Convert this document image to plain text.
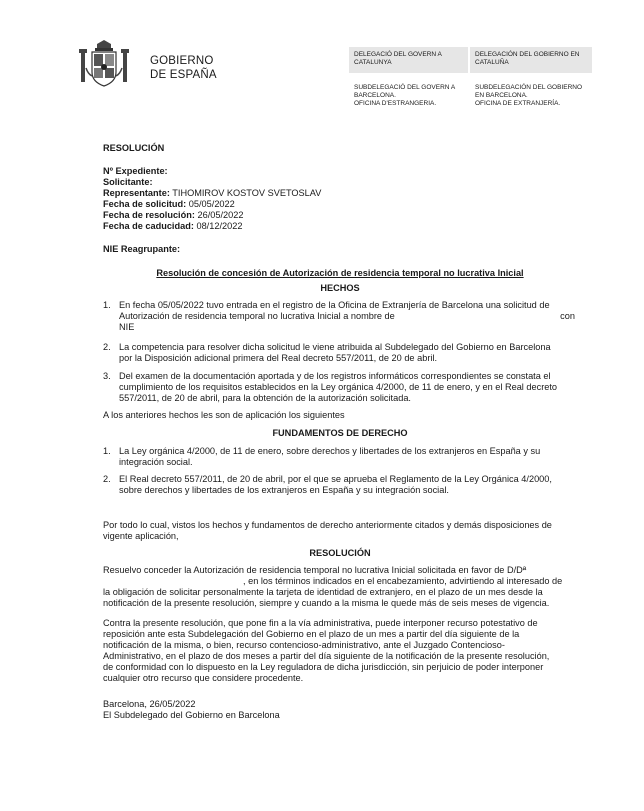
GOBIERNO
DE ESPAÑA
DELEGACIÓ DEL GOVERN A CATALUNYA
DELEGACIÓN DEL GOBIERNO EN CATALUÑA
SUBDELEGACIÓ DEL GOVERN A
BARCELONA.
OFICINA D'ESTRANGERIA.
SUBDELEGACIÓN DEL GOBIERNO
EN BARCELONA.
OFICINA DE EXTRANJERÍA.
RESOLUCIÓN
Nº Expediente:
Solicitante:
Representante: TIHOMIROV KOSTOV SVETOSLAV
Fecha de solicitud: 05/05/2022
Fecha de resolución: 26/05/2022
Fecha de caducidad: 08/12/2022
NIE Reagrupante:
Resolución de concesión de Autorización de residencia temporal no lucrativa Inicial
HECHOS
1. En fecha 05/05/2022 tuvo entrada en el registro de la Oficina de Extranjería de Barcelona una solicitud de
Autorización de residencia temporal no lucrativa Inicial a nombre de	con
NIE
2. La competencia para resolver dicha solicitud le viene atribuida al Subdelegado del Gobierno en Barcelona
por la Disposición adicional primera del Real decreto 557/2011, de 20 de abril.
3. Del examen de la documentación aportada y de los registros informáticos correspondientes se constata el
cumplimiento de los requisitos establecidos en la Ley orgánica 4/2000, de 11 de enero, y en el Real decreto
557/2011, de 20 de abril, para la obtención de la autorización solicitada.
A los anteriores hechos les son de aplicación los siguientes
FUNDAMENTOS DE DERECHO
1. La Ley orgánica 4/2000, de 11 de enero, sobre derechos y libertades de los extranjeros en España y su
integración social.
2. El Real decreto 557/2011, de 20 de abril, por el que se aprueba el Reglamento de la Ley Orgánica 4/2000,
sobre derechos y libertades de los extranjeros en España y su integración social.
Por todo lo cual, vistos los hechos y fundamentos de derecho anteriormente citados y demás disposiciones de
vigente aplicación,
RESOLUCIÓN
Resuelvo conceder la Autorización de residencia temporal no lucrativa Inicial solicitada en favor de D/Dª
, en los términos indicados en el encabezamiento, advirtiendo al interesado de
la obligación de solicitar personalmente la tarjeta de identidad de extranjero, en el plazo de un mes desde la
notificación de la presente resolución, siempre y cuando a la misma le quede más de seis meses de vigencia.
Contra la presente resolución, que pone fin a la vía administrativa, puede interponer recurso potestativo de
reposición ante esta Subdelegación del Gobierno en el plazo de un mes a partir del día siguiente de la
notificación de la misma, o bien, recurso contencioso-administrativo, ante el Juzgado Contencioso-
Administrativo, en el plazo de dos meses a partir del día siguiente de la notificación de la presente resolución,
de conformidad con lo dispuesto en la Ley reguladora de dicha jurisdicción, sin perjuicio de poder interponer
cualquier otro recurso que considere procedente.
Barcelona, 26/05/2022
El Subdelegado del Gobierno en Barcelona
